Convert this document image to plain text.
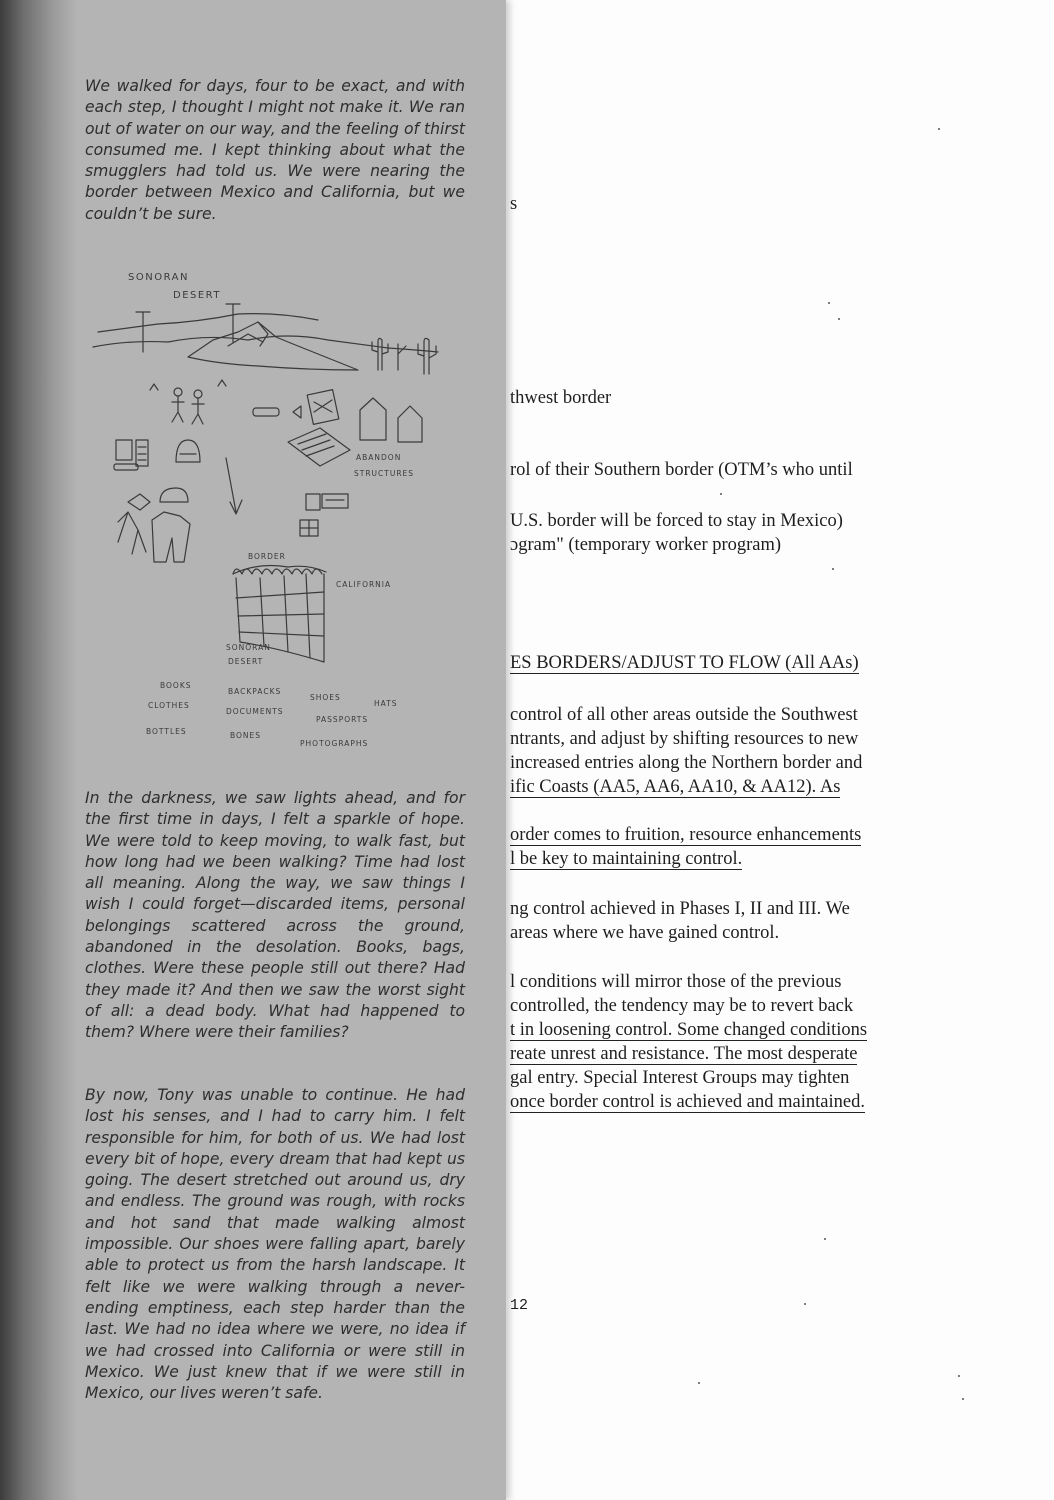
s
thwest border
rol of their Southern border (OTM’s who until
U.S. border will be forced to stay in Mexico)
ɔgram" (temporary worker program)
ES BORDERS/ADJUST TO FLOW (All AAs)
control of all other areas outside the Southwest
ntrants, and adjust by shifting resources to new
increased entries along the Northern border and
ific Coasts (AA5, AA6, AA10, & AA12). As
order comes to fruition, resource enhancements
l be key to maintaining control.
ng control achieved in Phases I, II and III. We
areas where we have gained control.
l conditions will mirror those of the previous
controlled, the tendency may be to revert back
t in loosening control. Some changed conditions
reate unrest and resistance. The most desperate
gal entry. Special Interest Groups may tighten
once border control is achieved and maintained.
12

We walked for days, four to be exact, and with each step, I thought I might not make it. We ran out of water on our way, and the feeling of thirst consumed me. I kept thinking about what the smugglers had told us. We were nearing the border between Mexico and California, but we couldn’t be sure.

SONORAN
DESERT
ABANDON
STRUCTURES
BORDER
CALIFORNIA
SONORAN
DESERT
BOOKS
BACKPACKS
SHOES
HATS
CLOTHES
DOCUMENTS
PASSPORTS
BOTTLES	BONES
PHOTOGRAPHS

In the darkness, we saw lights ahead, and for the first time in days, I felt a sparkle of hope. We were told to keep moving, to walk fast, but how long had we been walking? Time had lost all meaning. Along the way, we saw things I wish I could forget—discarded items, personal belongings scattered across the ground, abandoned in the desolation. Books, bags, clothes. Were these people still out there? Had they made it? And then we saw the worst sight of all: a dead body. What had happened to them? Where were their families?

By now, Tony was unable to continue. He had lost his senses, and I had to carry him. I felt responsible for him, for both of us. We had lost every bit of hope, every dream that had kept us going. The desert stretched out around us, dry and endless. The ground was rough, with rocks and hot sand that made walking almost impossible. Our shoes were falling apart, barely able to protect us from the harsh landscape. It felt like we were walking through a never-ending emptiness, each step harder than the last. We had no idea where we were, no idea if we had crossed into California or were still in Mexico. We just knew that if we were still in Mexico, our lives weren’t safe.
